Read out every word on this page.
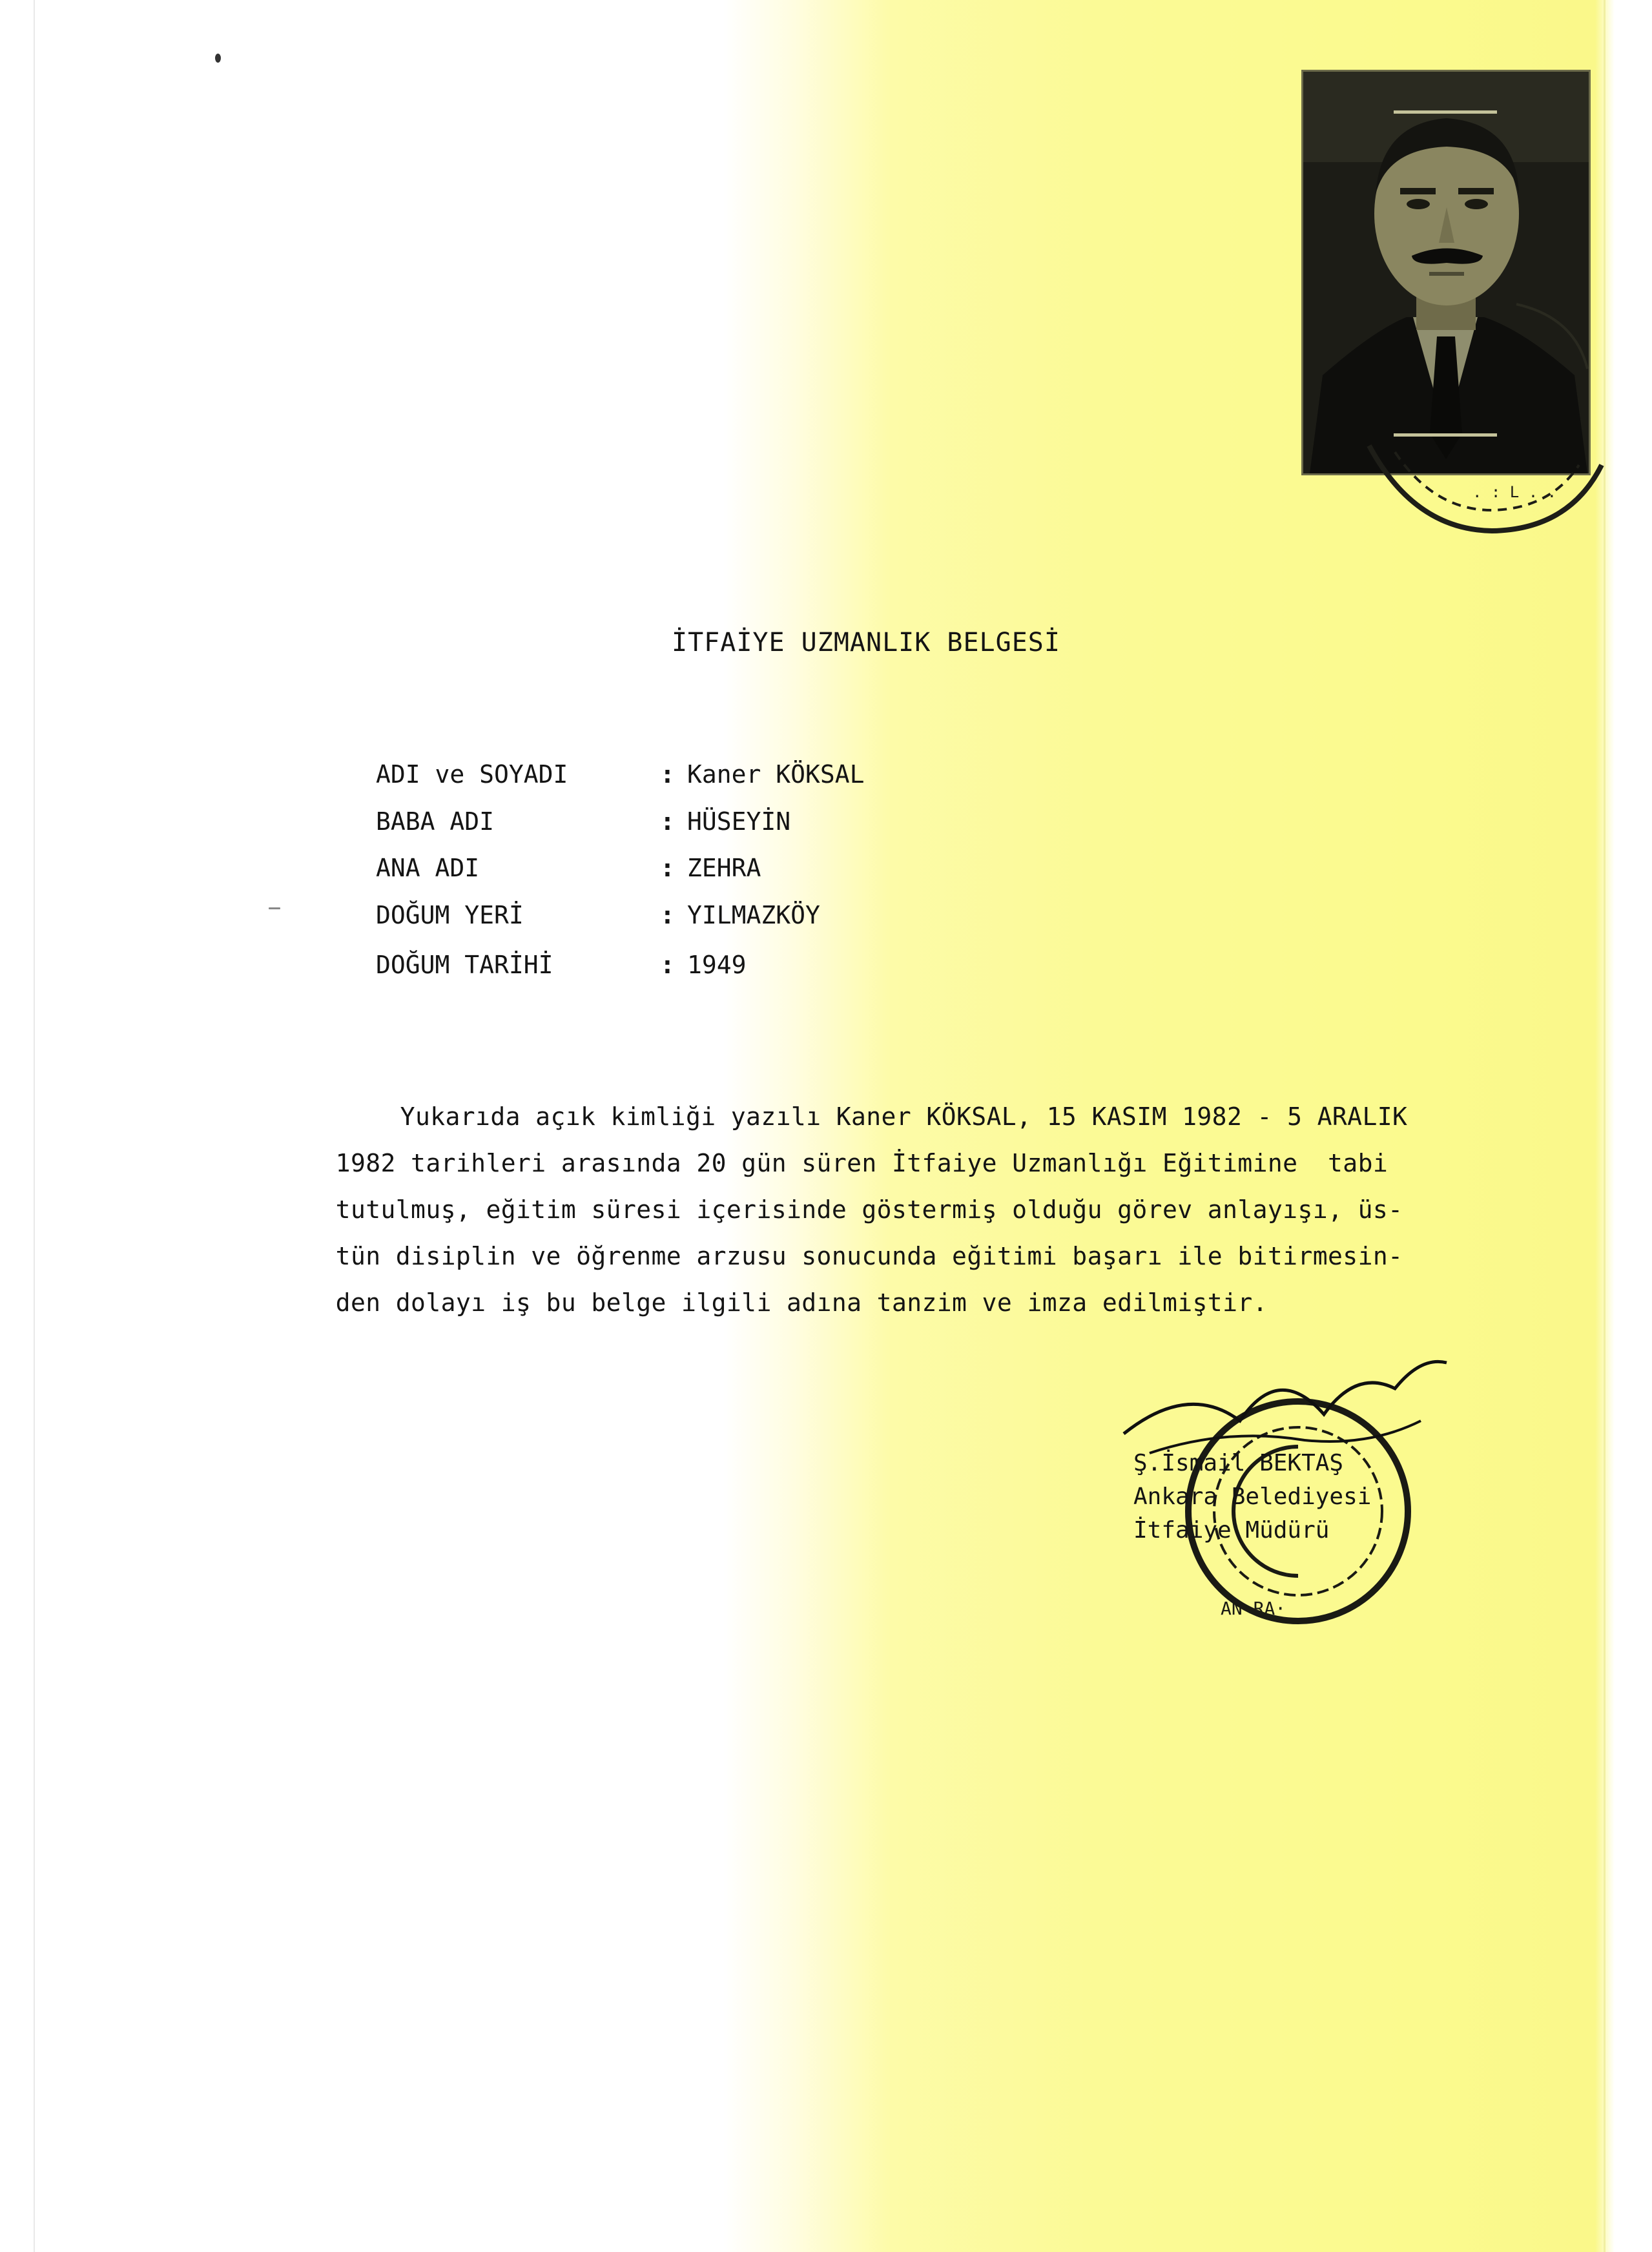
. : L . .
İTFAİYE UZMANLIK BELGESİ
ADI ve SOYADI	: Kaner KÖKSAL
BABA ADI	: HÜSEYİN
ANA ADI	: ZEHRA
DOĞUM YERİ	: YILMAZKÖY
DOĞUM TARİHİ	: 1949
Yukarıda açık kimliği yazılı Kaner KÖKSAL, 15 KASIM 1982 - 5 ARALIK
1982 tarihleri arasında 20 gün süren İtfaiye Uzmanlığı Eğitimine  tabi
tutulmuş, eğitim süresi içerisinde göstermiş olduğu görev anlayışı, üs-
tün disiplin ve öğrenme arzusu sonucunda eğitimi başarı ile bitirmesin-
den dolayı iş bu belge ilgili adına tanzim ve imza edilmiştir.
AN·RA·
Ş.İsmail BEKTAŞ
Ankara Belediyesi
İtfaiye Müdürü
